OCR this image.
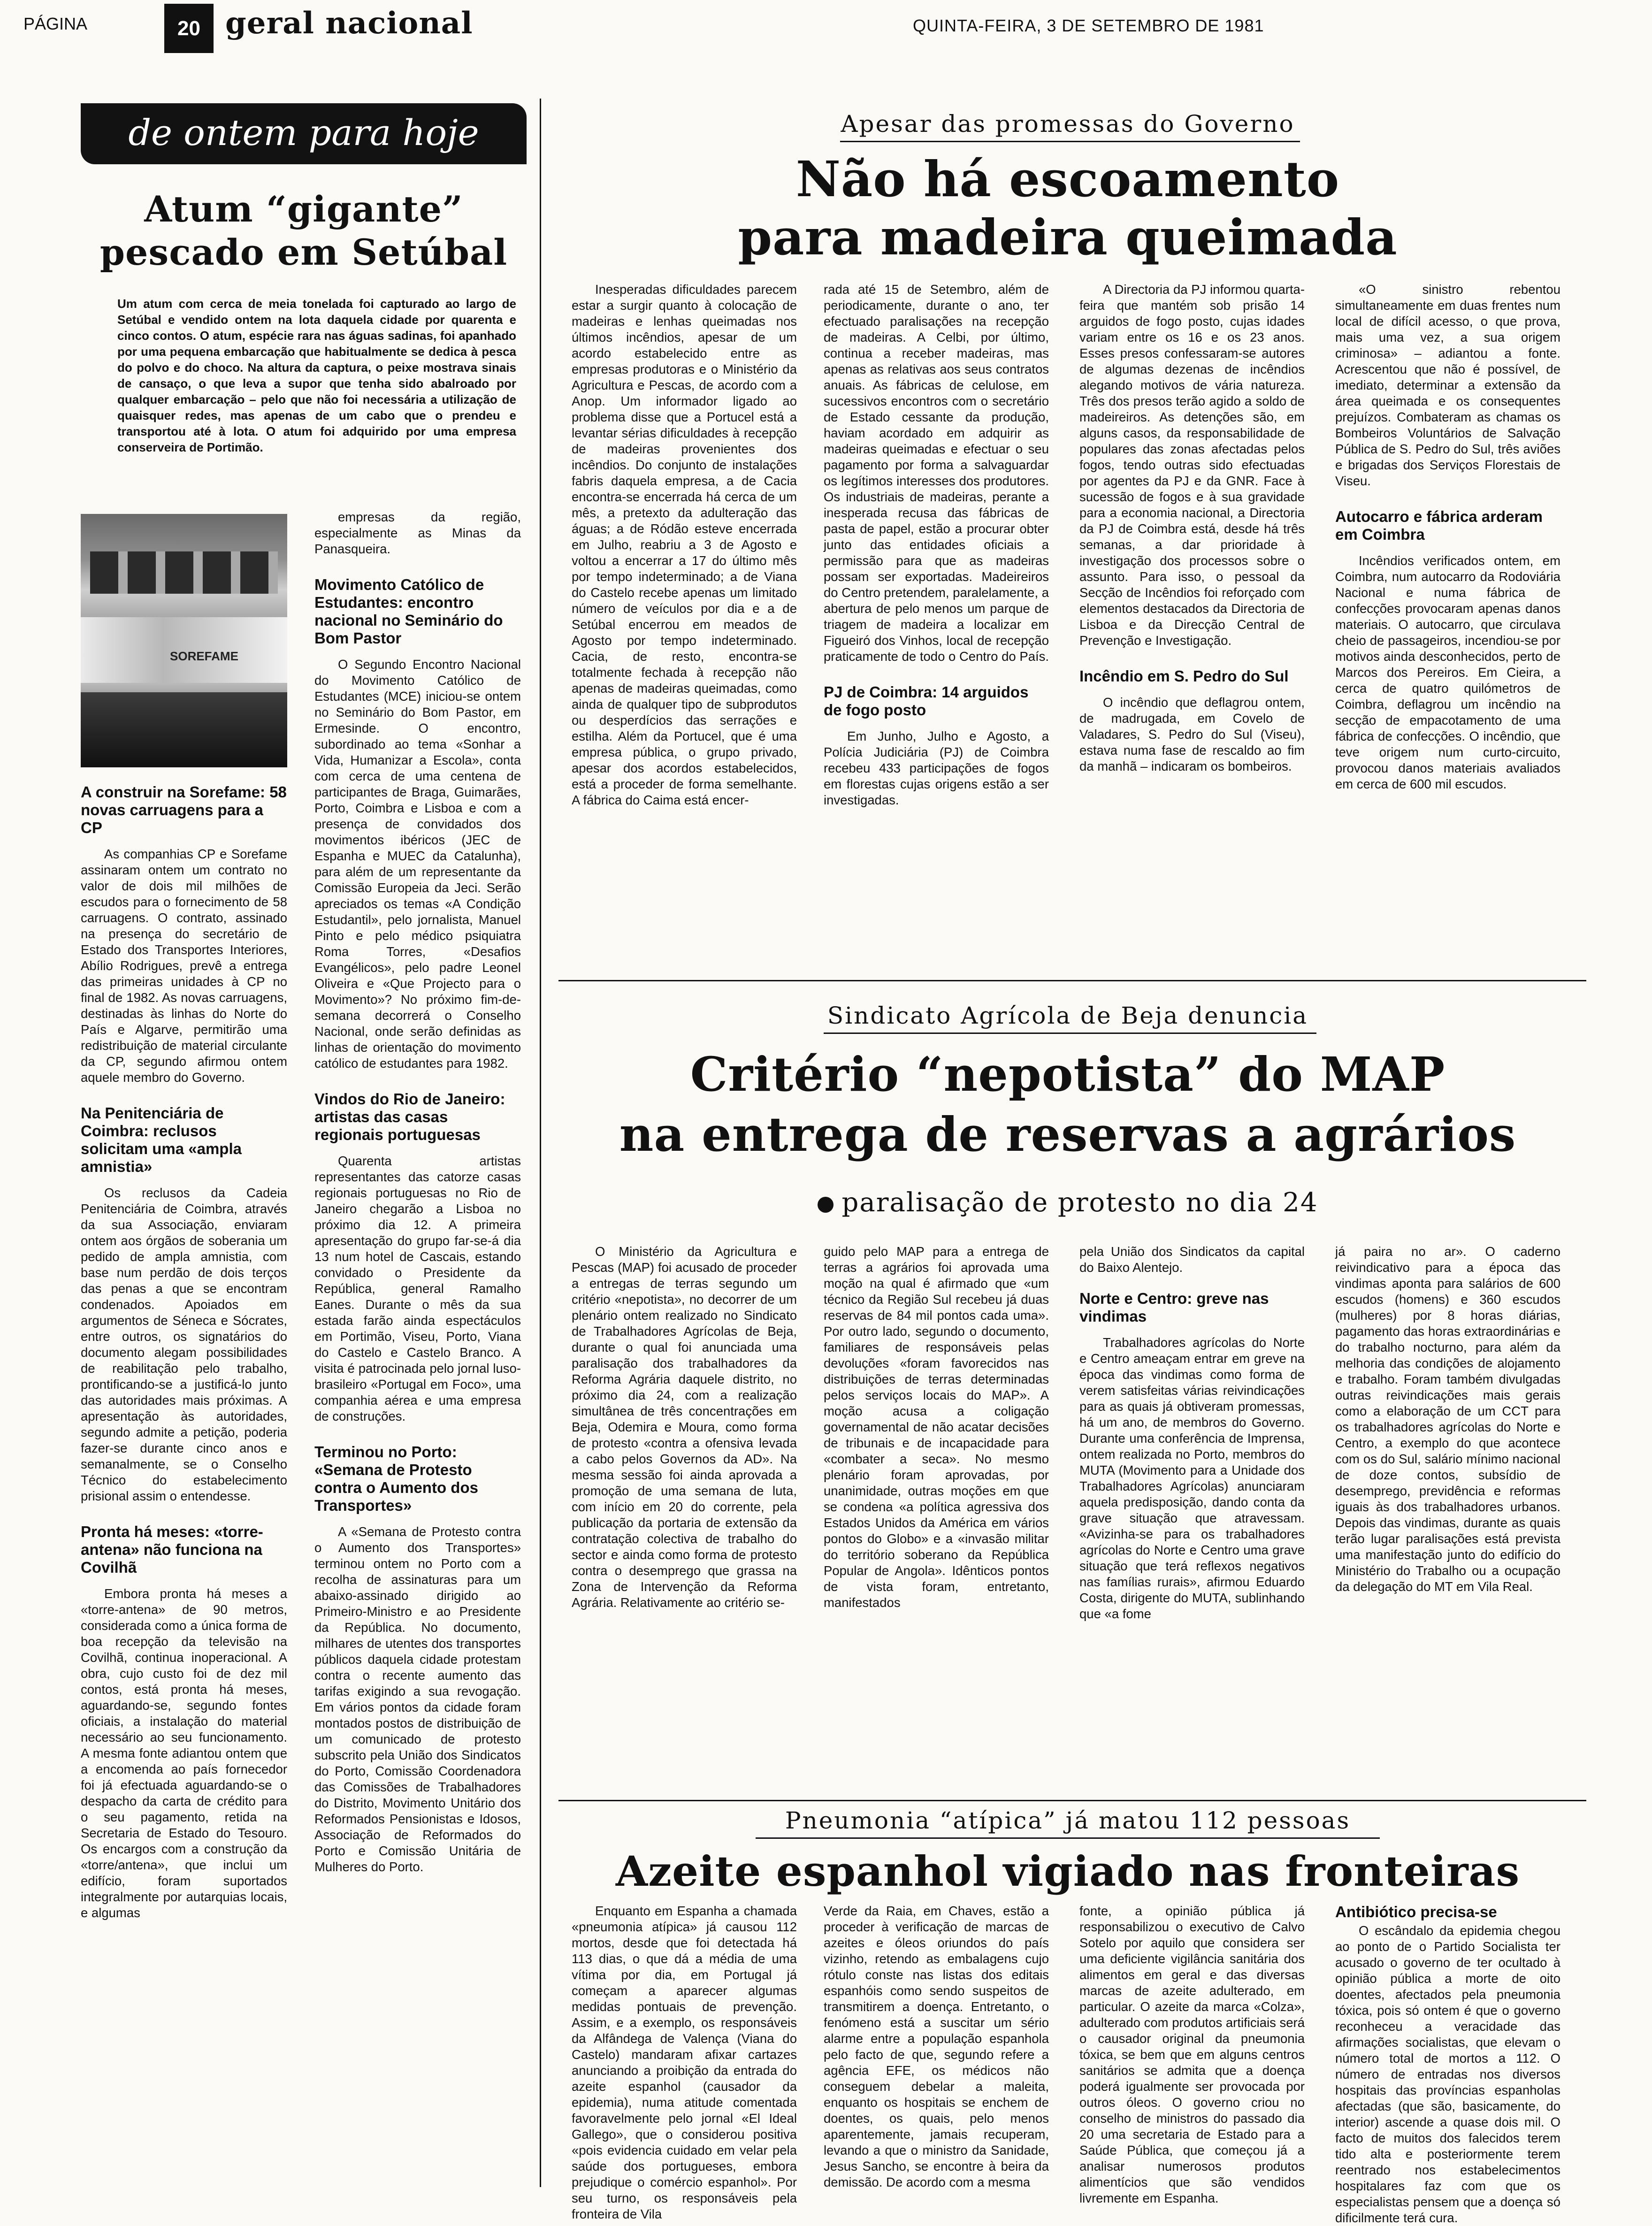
PÁGINA	20 geral nacional	QUINTA-FEIRA, 3 DE SETEMBRO DE 1981
de ontem para hoje
Atum “gigante”
pescado em Setúbal
Um atum com cerca de meia tonelada foi capturado ao largo de Setúbal e vendido ontem na lota daquela cidade por quarenta e cinco contos. O atum, espécie rara nas águas sadinas, foi apanhado por uma pequena embarcação que habitualmente se dedica à pesca do polvo e do choco. Na altura da captura, o peixe mostrava sinais de cansaço, o que leva a supor que tenha sido abalroado por qualquer embarcação – pelo que não foi necessária a utilização de quaisquer redes, mas apenas de um cabo que o prendeu e transportou até à lota. O atum foi adquirido por uma empresa conserveira de Portimão.
SOREFAME
A construir na Sorefame: 58 novas carruagens para a CP

As companhias CP e Sorefame assinaram ontem um contrato no valor de dois mil milhões de escudos para o fornecimento de 58 carruagens. O contrato, assinado na presença do secretário de Estado dos Transportes Interiores, Abílio Rodrigues, prevê a entrega das primeiras unidades à CP no final de 1982. As novas carruagens, destinadas às linhas do Norte do País e Algarve, permitirão uma redistribuição de material circulante da CP, segundo afirmou ontem aquele membro do Governo.

Na Penitenciária de Coimbra: reclusos solicitam uma «ampla amnistia»

Os reclusos da Cadeia Penitenciária de Coimbra, através da sua Associação, enviaram ontem aos órgãos de soberania um pedido de ampla amnistia, com base num perdão de dois terços das penas a que se encontram condenados. Apoiados em argumentos de Séneca e Sócrates, entre outros, os signatários do documento alegam possibilidades de reabilitação pelo trabalho, prontificando-se a justificá-lo junto das autoridades mais próximas. A apresentação às autoridades, segundo admite a petição, poderia fazer-se durante cinco anos e semanalmente, se o Conselho Técnico do estabelecimento prisional assim o entendesse.

Pronta há meses: «torre-antena» não funciona na Covilhã

Embora pronta há meses a «torre-antena» de 90 metros, considerada como a única forma de boa recepção da televisão na Covilhã, continua inoperacional. A obra, cujo custo foi de dez mil contos, está pronta há meses, aguardando-se, segundo fontes oficiais, a instalação do material necessário ao seu funcionamento. A mesma fonte adiantou ontem que a encomenda ao país fornecedor foi já efectuada aguardando-se o despacho da carta de crédito para o seu pagamento, retida na Secretaria de Estado do Tesouro. Os encargos com a construção da «torre/antena», que inclui um edifício, foram suportados integralmente por autarquias locais, e algumas

empresas da região, especialmente as Minas da Panasqueira.

Movimento Católico de Estudantes: encontro nacional no Seminário do Bom Pastor

O Segundo Encontro Nacional do Movimento Católico de Estudantes (MCE) iniciou-se ontem no Seminário do Bom Pastor, em Ermesinde. O encontro, subordinado ao tema «Sonhar a Vida, Humanizar a Escola», conta com cerca de uma centena de participantes de Braga, Guimarães, Porto, Coimbra e Lisboa e com a presença de convidados dos movimentos ibéricos (JEC de Espanha e MUEC da Catalunha), para além de um representante da Comissão Europeia da Jeci. Serão apreciados os temas «A Condição Estudantil», pelo jornalista, Manuel Pinto e pelo médico psiquiatra Roma Torres, «Desafios Evangélicos», pelo padre Leonel Oliveira e «Que Projecto para o Movimento»? No próximo fim-de-semana decorrerá o Conselho Nacional, onde serão definidas as linhas de orientação do movimento católico de estudantes para 1982.

Vindos do Rio de Janeiro: artistas das casas regionais portuguesas

Quarenta artistas representantes das catorze casas regionais portuguesas no Rio de Janeiro chegarão a Lisboa no próximo dia 12. A primeira apresentação do grupo far-se-á dia 13 num hotel de Cascais, estando convidado o Presidente da República, general Ramalho Eanes. Durante o mês da sua estada farão ainda espectáculos em Portimão, Viseu, Porto, Viana do Castelo e Castelo Branco. A visita é patrocinada pelo jornal luso-brasileiro «Portugal em Foco», uma companhia aérea e uma empresa de construções.

Terminou no Porto: «Semana de Protesto contra o Aumento dos Transportes»

A «Semana de Protesto contra o Aumento dos Transportes» terminou ontem no Porto com a recolha de assinaturas para um abaixo-assinado dirigido ao Primeiro-Ministro e ao Presidente da República. No documento, milhares de utentes dos transportes públicos daquela cidade protestam contra o recente aumento das tarifas exigindo a sua revogação. Em vários pontos da cidade foram montados postos de distribuição de um comunicado de protesto subscrito pela União dos Sindicatos do Porto, Comissão Coordenadora das Comissões de Trabalhadores do Distrito, Movimento Unitário dos Reformados Pensionistas e Idosos, Associação de Reformados do Porto e Comissão Unitária de Mulheres do Porto.

Apesar das promessas do Governo
Não há escoamento
para madeira queimada

Inesperadas dificuldades parecem estar a surgir quanto à colocação de madeiras e lenhas queimadas nos últimos incêndios, apesar de um acordo estabelecido entre as empresas produtoras e o Ministério da Agricultura e Pescas, de acordo com a Anop. Um informador ligado ao problema disse que a Portucel está a levantar sérias dificuldades à recepção de madeiras provenientes dos incêndios. Do conjunto de instalações fabris daquela empresa, a de Cacia encontra-se encerrada há cerca de um mês, a pretexto da adulteração das águas; a de Ródão esteve encerrada em Julho, reabriu a 3 de Agosto e voltou a encerrar a 17 do último mês por tempo indeterminado; a de Viana do Castelo recebe apenas um limitado número de veículos por dia e a de Setúbal encerrou em meados de Agosto por tempo indeterminado. Cacia, de resto, encontra-se totalmente fechada à recepção não apenas de madeiras queimadas, como ainda de qualquer tipo de subprodutos ou desperdícios das serrações e estilha. Além da Portucel, que é uma empresa pública, o grupo privado, apesar dos acordos estabelecidos, está a proceder de forma semelhante. A fábrica do Caima está encer-

rada até 15 de Setembro, além de periodicamente, durante o ano, ter efectuado paralisações na recepção de madeiras. A Celbi, por último, continua a receber madeiras, mas apenas as relativas aos seus contratos anuais. As fábricas de celulose, em sucessivos encontros com o secretário de Estado cessante da produção, haviam acordado em adquirir as madeiras queimadas e efectuar o seu pagamento por forma a salvaguardar os legítimos interesses dos produtores. Os industriais de madeiras, perante a inesperada recusa das fábricas de pasta de papel, estão a procurar obter junto das entidades oficiais a permissão para que as madeiras possam ser exportadas. Madeireiros do Centro pretendem, paralelamente, a abertura de pelo menos um parque de triagem de madeira a localizar em Figueiró dos Vinhos, local de recepção praticamente de todo o Centro do País.

PJ de Coimbra: 14 arguidos de fogo posto

Em Junho, Julho e Agosto, a Polícia Judiciária (PJ) de Coimbra recebeu 433 participações de fogos em florestas cujas origens estão a ser investigadas.

A Directoria da PJ informou quarta-feira que mantém sob prisão 14 arguidos de fogo posto, cujas idades variam entre os 16 e os 23 anos. Esses presos confessaram-se autores de algumas dezenas de incêndios alegando motivos de vária natureza. Três dos presos terão agido a soldo de madeireiros. As detenções são, em alguns casos, da responsabilidade de populares das zonas afectadas pelos fogos, tendo outras sido efectuadas por agentes da PJ e da GNR. Face à sucessão de fogos e à sua gravidade para a economia nacional, a Directoria da PJ de Coimbra está, desde há três semanas, a dar prioridade à investigação dos processos sobre o assunto. Para isso, o pessoal da Secção de Incêndios foi reforçado com elementos destacados da Directoria de Lisboa e da Direcção Central de Prevenção e Investigação.

Incêndio em S. Pedro do Sul

O incêndio que deflagrou ontem, de madrugada, em Covelo de Valadares, S. Pedro do Sul (Viseu), estava numa fase de rescaldo ao fim da manhã – indicaram os bombeiros.

«O sinistro rebentou simultaneamente em duas frentes num local de difícil acesso, o que prova, mais uma vez, a sua origem criminosa» – adiantou a fonte. Acrescentou que não é possível, de imediato, determinar a extensão da área queimada e os consequentes prejuízos. Combateram as chamas os Bombeiros Voluntários de Salvação Pública de S. Pedro do Sul, três aviões e brigadas dos Serviços Florestais de Viseu.

Autocarro e fábrica arderam em Coimbra

Incêndios verificados ontem, em Coimbra, num autocarro da Rodoviária Nacional e numa fábrica de confecções provocaram apenas danos materiais. O autocarro, que circulava cheio de passageiros, incendiou-se por motivos ainda desconhecidos, perto de Marcos dos Pereiros. Em Cieira, a cerca de quatro quilómetros de Coimbra, deflagrou um incêndio na secção de empacotamento de uma fábrica de confecções. O incêndio, que teve origem num curto-circuito, provocou danos materiais avaliados em cerca de 600 mil escudos.

Sindicato Agrícola de Beja denuncia
Critério “nepotista” do MAP
na entrega de reservas a agrários
paralisação de protesto no dia 24

O Ministério da Agricultura e Pescas (MAP) foi acusado de proceder a entregas de terras segundo um critério «nepotista», no decorrer de um plenário ontem realizado no Sindicato de Trabalhadores Agrícolas de Beja, durante o qual foi anunciada uma paralisação dos trabalhadores da Reforma Agrária daquele distrito, no próximo dia 24, com a realização simultânea de três concentrações em Beja, Odemira e Moura, como forma de protesto «contra a ofensiva levada a cabo pelos Governos da AD». Na mesma sessão foi ainda aprovada a promoção de uma semana de luta, com início em 20 do corrente, pela publicação da portaria de extensão da contratação colectiva de trabalho do sector e ainda como forma de protesto contra o desemprego que grassa na Zona de Intervenção da Reforma Agrária. Relativamente ao critério se-

guido pelo MAP para a entrega de terras a agrários foi aprovada uma moção na qual é afirmado que «um técnico da Região Sul recebeu já duas reservas de 84 mil pontos cada uma». Por outro lado, segundo o documento, familiares de responsáveis pelas devoluções «foram favorecidos nas distribuições de terras determinadas pelos serviços locais do MAP». A moção acusa a coligação governamental de não acatar decisões de tribunais e de incapacidade para «combater a seca». No mesmo plenário foram aprovadas, por unanimidade, outras moções em que se condena «a política agressiva dos Estados Unidos da América em vários pontos do Globo» e a «invasão militar do território soberano da República Popular de Angola». Idênticos pontos de vista foram, entretanto, manifestados

pela União dos Sindicatos da capital do Baixo Alentejo.

Norte e Centro: greve nas vindimas

Trabalhadores agrícolas do Norte e Centro ameaçam entrar em greve na época das vindimas como forma de verem satisfeitas várias reivindicações para as quais já obtiveram promessas, há um ano, de membros do Governo. Durante uma conferência de Imprensa, ontem realizada no Porto, membros do MUTA (Movimento para a Unidade dos Trabalhadores Agrícolas) anunciaram aquela predisposição, dando conta da grave situação que atravessam. «Avizinha-se para os trabalhadores agrícolas do Norte e Centro uma grave situação que terá reflexos negativos nas famílias rurais», afirmou Eduardo Costa, dirigente do MUTA, sublinhando que «a fome

já paira no ar». O caderno reivindicativo para a época das vindimas aponta para salários de 600 escudos (homens) e 360 escudos (mulheres) por 8 horas diárias, pagamento das horas extraordinárias e do trabalho nocturno, para além da melhoria das condições de alojamento e trabalho. Foram também divulgadas outras reivindicações mais gerais como a elaboração de um CCT para os trabalhadores agrícolas do Norte e Centro, a exemplo do que acontece com os do Sul, salário mínimo nacional de doze contos, subsídio de desemprego, previdência e reformas iguais às dos trabalhadores urbanos. Depois das vindimas, durante as quais terão lugar paralisações está prevista uma manifestação junto do edifício do Ministério do Trabalho ou a ocupação da delegação do MT em Vila Real.

Pneumonia “atípica” já matou 112 pessoas
Azeite espanhol vigiado nas fronteiras

Enquanto em Espanha a chamada «pneumonia atípica» já causou 112 mortos, desde que foi detectada há 113 dias, o que dá a média de uma vítima por dia, em Portugal já começam a aparecer algumas medidas pontuais de prevenção. Assim, e a exemplo, os responsáveis da Alfândega de Valença (Viana do Castelo) mandaram afixar cartazes anunciando a proibição da entrada do azeite espanhol (causador da epidemia), numa atitude comentada favoravelmente pelo jornal «El Ideal Gallego», que o considerou positiva «pois evidencia cuidado em velar pela saúde dos portugueses, embora prejudique o comércio espanhol». Por seu turno, os responsáveis pela fronteira de Vila

Verde da Raia, em Chaves, estão a proceder à verificação de marcas de azeites e óleos oriundos do país vizinho, retendo as embalagens cujo rótulo conste nas listas dos editais espanhóis como sendo suspeitos de transmitirem a doença. Entretanto, o fenómeno está a suscitar um sério alarme entre a população espanhola pelo facto de que, segundo refere a agência EFE, os médicos não conseguem debelar a maleita, enquanto os hospitais se enchem de doentes, os quais, pelo menos aparentemente, jamais recuperam, levando a que o ministro da Sanidade, Jesus Sancho, se encontre à beira da demissão. De acordo com a mesma

fonte, a opinião pública já responsabilizou o executivo de Calvo Sotelo por aquilo que considera ser uma deficiente vigilância sanitária dos alimentos em geral e das diversas marcas de azeite adulterado, em particular. O azeite da marca «Colza», adulterado com produtos artificiais será o causador original da pneumonia tóxica, se bem que em alguns centros sanitários se admita que a doença poderá igualmente ser provocada por outros óleos. O governo criou no conselho de ministros do passado dia 20 uma secretaria de Estado para a Saúde Pública, que começou já a analisar numerosos produtos alimentícios que são vendidos livremente em Espanha.

Antibiótico precisa-se

O escândalo da epidemia chegou ao ponto de o Partido Socialista ter acusado o governo de ter ocultado à opinião pública a morte de oito doentes, afectados pela pneumonia tóxica, pois só ontem é que o governo reconheceu a veracidade das afirmações socialistas, que elevam o número total de mortos a 112. O número de entradas nos diversos hospitais das províncias espanholas afectadas (que são, basicamente, do interior) ascende a quase dois mil. O facto de muitos dos falecidos terem tido alta e posteriormente terem reentrado nos estabelecimentos hospitalares faz com que os especialistas pensem que a doença só dificilmente terá cura.
